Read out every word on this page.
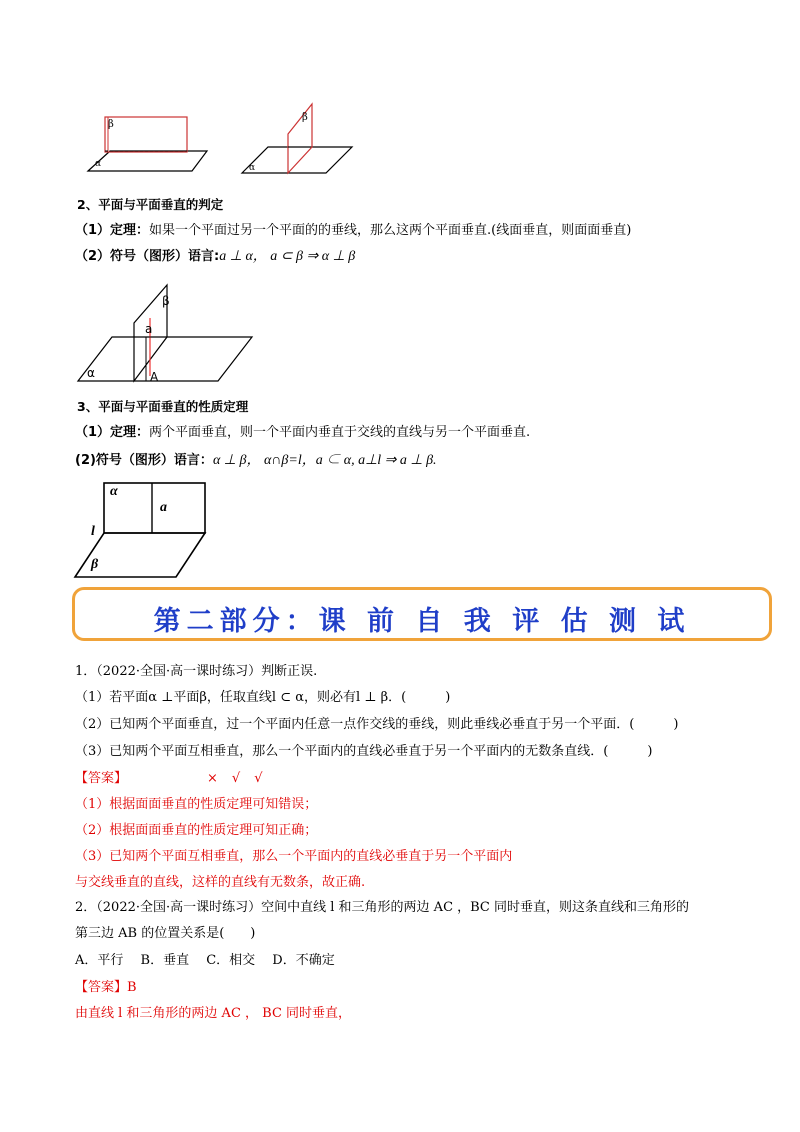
β
α
β
α
2、平面与平面垂直的判定
（1）定理：如果一个平面过另一个平面的的垂线，那么这两个平面垂直.(线面垂直，则面面垂直)
（2）符号（图形）语言:a ⊥ α， a ⊂ β ⇒ α ⊥ β
β
a
α	A
3、平面与平面垂直的性质定理
（1）定理：两个平面垂直，则一个平面内垂直于交线的直线与另一个平面垂直.
(2)符号（图形）语言：α ⊥ β， α∩β=l，a ⊂ α, a⊥l ⇒ a ⊥ β.
α
a
l
β
第二部分：课 前 自 我 评 估 测 试
1．（2022·全国·高一课时练习）判断正误.
（1）若平面α ⊥平面β，任取直线l ⊂ α，则必有l ⊥ β．(　　　)
（2）已知两个平面垂直，过一个平面内任意一点作交线的垂线，则此垂线必垂直于另一个平面．(　　　)
（3）已知两个平面互相垂直，那么一个平面内的直线必垂直于另一个平面内的无数条直线．(　　　)
【答案】	× √ √
（1）根据面面垂直的性质定理可知错误；
（2）根据面面垂直的性质定理可知正确；
（3）已知两个平面互相垂直，那么一个平面内的直线必垂直于另一个平面内
与交线垂直的直线，这样的直线有无数条，故正确.
2．（2022·全国·高一课时练习）空间中直线 l 和三角形的两边 AC ，BC 同时垂直，则这条直线和三角形的
第三边 AB 的位置关系是(　　)
A．平行　 B．垂直　 C．相交　 D．不确定
【答案】B
由直线 l 和三角形的两边 AC ， BC 同时垂直，
